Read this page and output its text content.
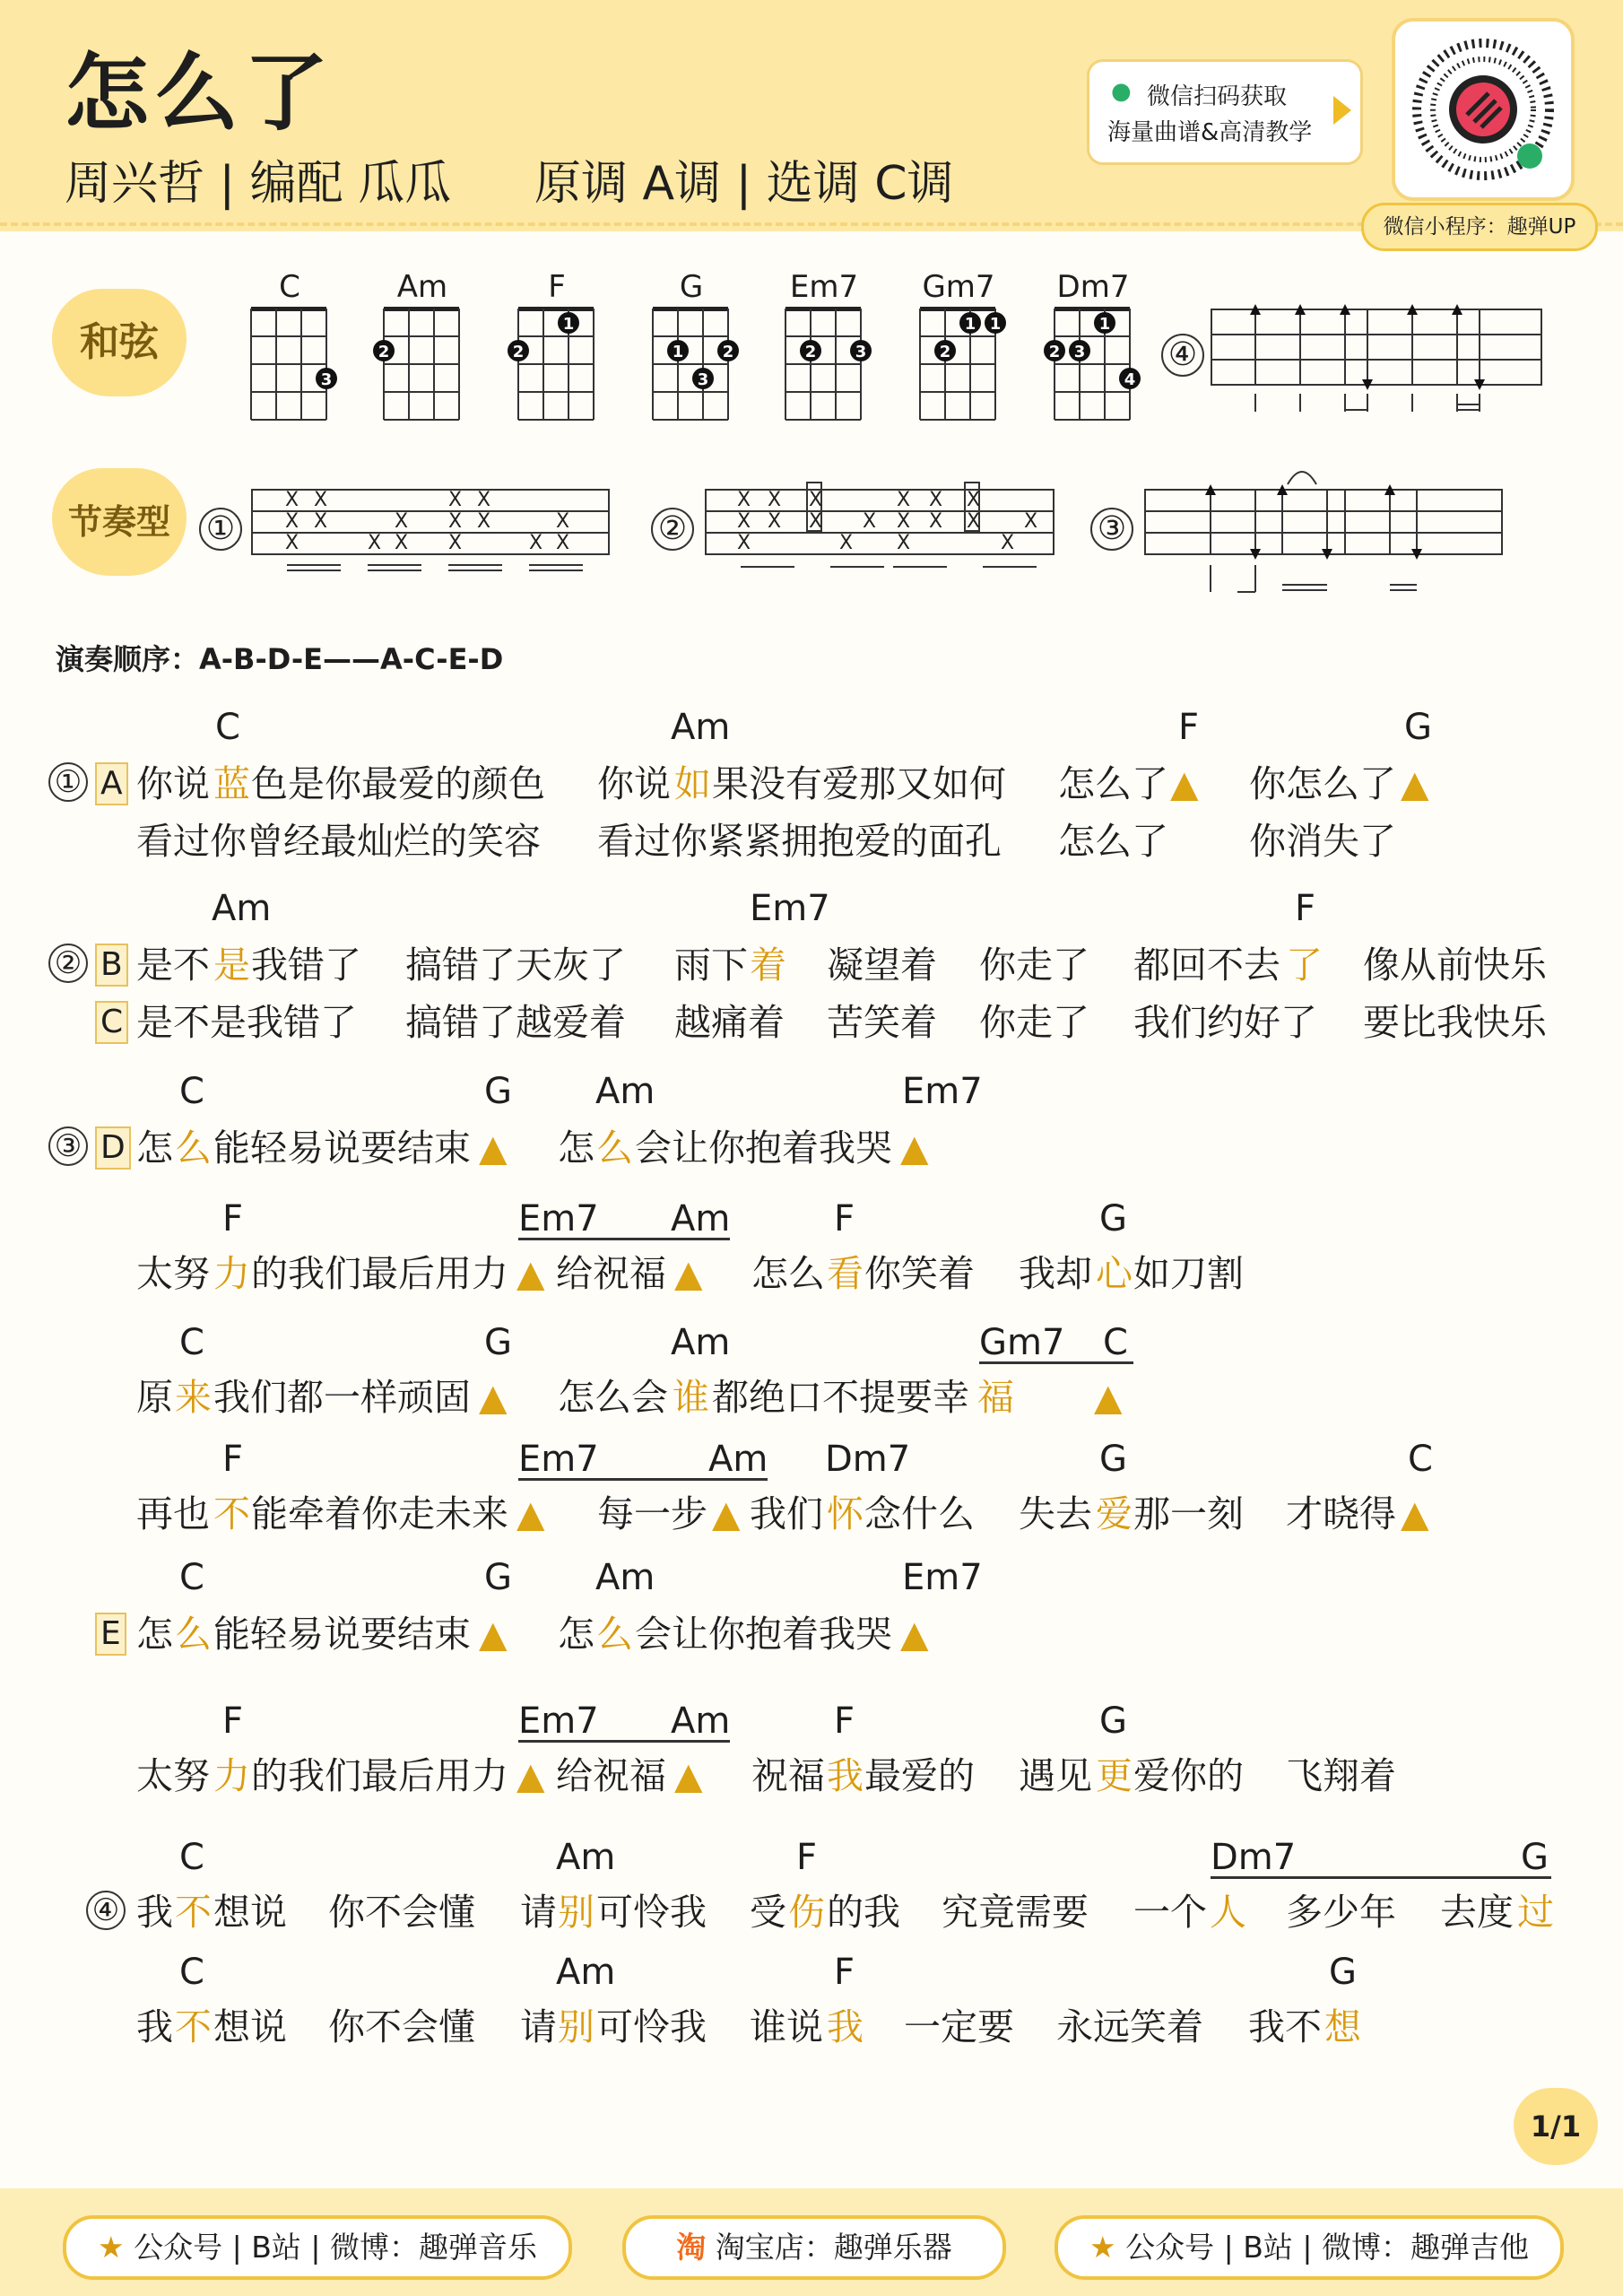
怎么了
周兴哲 | 编配 瓜瓜 原调 A调 | 选调 C调
● 微信扫码获取
海量曲谱&高清教学
微信小程序：趣弹UP
和弦
C
3
Am
2
F
1
2
G
1 2
3
Em7
2 3
Gm7
1 1
2
Dm7
1
2 3
4
④
节奏型	①	②	③
X
X
X
X
X
X
X
X
X
X
X
X
X
X
X
X
X
X
X
X
X
X
X
X
X
X
X
X
X
X
X
X
X
X
演奏顺序：A-B-D-E——A-C-E-D
C	Am	F	G
① A 你说 蓝 色是你最爱的颜色 你说 如 果没有爱那又如何 怎么了 ▲ 你怎么了 ▲
看过你曾经最灿烂的笑容 看过你紧紧拥抱爱的面孔 怎么了 你消失了
Am	Em7	F
② B 是不 是 我错了 搞错了天灰了 雨下 着 凝望着 你走了 都回不去 了 像从前快乐
C 是不是我错了 搞错了越爱着 越痛着 苦笑着 你走了 我们约好了 要比我快乐
C	G Am	Em7
③ D 怎 么 能轻易说要结束 ▲ 怎 么 会让你抱着我哭 ▲
F	Em7 Am	F	G
太努 力 的我们最后用力 ▲ 给祝福 ▲ 怎么 看 你笑着 我却 心 如刀割
C	G	Am	Gm7 C
原 来 我们都一样顽固 ▲ 怎么会 谁 都绝口不提要幸 福 ▲
F	Em7	Am Dm7	G	C
再也 不 能牵着你走未来 ▲ 每一步 ▲ 我们 怀 念什么 失去 爱 那一刻 才晓得 ▲
C	G Am	Em7
E 怎 么 能轻易说要结束 ▲ 怎 么 会让你抱着我哭 ▲
F	Em7 Am	F	G
太努 力 的我们最后用力 ▲ 给祝福 ▲ 祝福 我 最爱的 遇见 更 爱你的 飞翔着
C	Am	F	Dm7	G
④ 我 不 想说 你不会懂 请 别 可怜我 受 伤 的我 究竟需要 一个 人 多少年 去度 过
C	Am	F	G
我 不 想说 你不会懂 请 别 可怜我 谁说 我 一定要 永远笑着 我不 想
1/1
★ 公众号 | B站 | 微博：趣弹音乐	淘 淘宝店：趣弹乐器	★ 公众号 | B站 | 微博：趣弹吉他
